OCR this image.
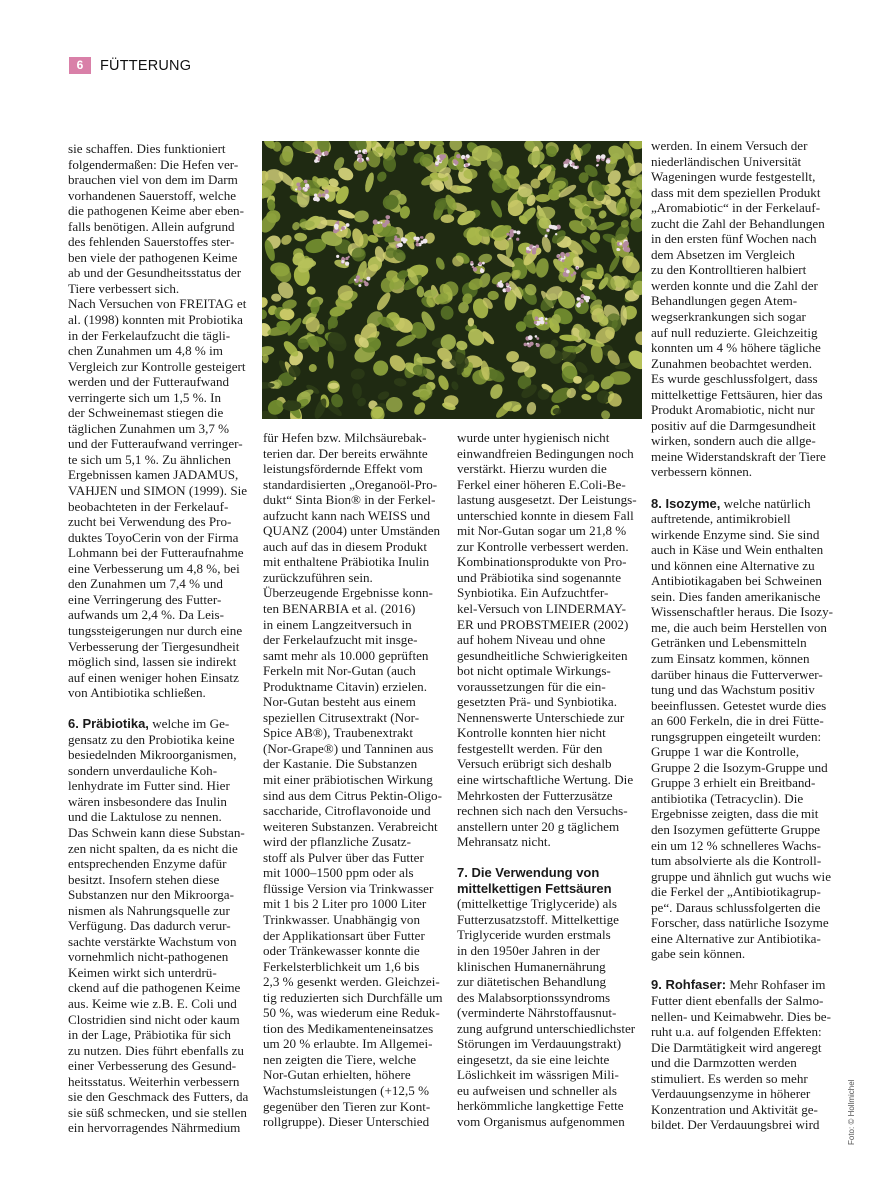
6	FÜTTERUNG

sie schaffen. Dies funktioniert
folgendermaßen: Die Hefen ver-
brauchen viel von dem im Darm
vorhandenen Sauerstoff, welche
die pathogenen Keime aber eben-
falls benötigen. Allein aufgrund
des fehlenden Sauerstoffes ster-
ben viele der pathogenen Keime
ab und der Gesundheitsstatus der
Tiere verbessert sich.

Nach Versuchen von FREITAG et
al. (1998) konnten mit Probiotika
in der Ferkelaufzucht die tägli-
chen Zunahmen um 4,8 % im
Vergleich zur Kontrolle gesteigert
werden und der Futteraufwand
verringerte sich um 1,5 %. In
der Schweinemast stiegen die
täglichen Zunahmen um 3,7 %
und der Futteraufwand verringer-
te sich um 5,1 %. Zu ähnlichen
Ergebnissen kamen JADAMUS,
VAHJEN und SIMON (1999). Sie
beobachteten in der Ferkelauf-
zucht bei Verwendung des Pro-
duktes ToyoCerin von der Firma
Lohmann bei der Futteraufnahme
eine Verbesserung um 4,8 %, bei
den Zunahmen um 7,4 % und
eine Verringerung des Futter-
aufwands um 2,4 %. Da Leis-
tungssteigerungen nur durch eine
Verbesserung der Tiergesundheit
möglich sind, lassen sie indirekt
auf einen weniger hohen Einsatz
von Antibiotika schließen.

6. Präbiotika, welche im Ge-
gensatz zu den Probiotika keine
besiedelnden Mikroorganismen,
sondern unverdauliche Koh-
lenhydrate im Futter sind. Hier
wären insbesondere das Inulin
und die Laktulose zu nennen.
Das Schwein kann diese Substan-
zen nicht spalten, da es nicht die
entsprechenden Enzyme dafür
besitzt. Insofern stehen diese
Substanzen nur den Mikroorga-
nismen als Nahrungsquelle zur
Verfügung. Das dadurch verur-
sachte verstärkte Wachstum von
vornehmlich nicht-pathogenen
Keimen wirkt sich unterdrü-
ckend auf die pathogenen Keime
aus. Keime wie z.B. E. Coli und
Clostridien sind nicht oder kaum
in der Lage, Präbiotika für sich
zu nutzen. Dies führt ebenfalls zu
einer Verbesserung des Gesund-
heitsstatus. Weiterhin verbessern
sie den Geschmack des Futters, da
sie süß schmecken, und sie stellen
ein hervorragendes Nährmedium

für Hefen bzw. Milchsäurebak-
terien dar. Der bereits erwähnte
leistungsfördernde Effekt vom
standardisierten „Oreganoöl-Pro-
dukt“ Sinta Bion® in der Ferkel-
aufzucht kann nach WEISS und
QUANZ (2004) unter Umständen
auch auf das in diesem Produkt
mit enthaltene Präbiotika Inulin
zurückzuführen sein.

Überzeugende Ergebnisse konn-
ten BENARBIA et al. (2016)
in einem Langzeitversuch in
der Ferkelaufzucht mit insge-
samt mehr als 10.000 geprüften
Ferkeln mit Nor-Gutan (auch
Produktname Citavin) erzielen.

Nor-Gutan besteht aus einem
speziellen Citrusextrakt (Nor-
Spice AB®), Traubenextrakt
(Nor-Grape®) und Tanninen aus
der Kastanie. Die Substanzen
mit einer präbiotischen Wirkung
sind aus dem Citrus Pektin-Oligo-
saccharide, Citroflavonoide und
weiteren Substanzen. Verabreicht
wird der pflanzliche Zusatz-
stoff als Pulver über das Futter
mit 1000–1500 ppm oder als
flüssige Version via Trinkwasser
mit 1 bis 2 Liter pro 1000 Liter
Trinkwasser. Unabhängig von
der Applikationsart über Futter
oder Tränkewasser konnte die
Ferkelsterblichkeit um 1,6 bis
2,3 % gesenkt werden. Gleichzei-
tig reduzierten sich Durchfälle um
50 %, was wiederum eine Reduk-
tion des Medikamenteneinsatzes
um 20 % erlaubte. Im Allgemei-
nen zeigten die Tiere, welche
Nor-Gutan erhielten, höhere
Wachstumsleistungen (+12,5 %
gegenüber den Tieren zur Kont-
rollgruppe). Dieser Unterschied

wurde unter hygienisch nicht
einwandfreien Bedingungen noch
verstärkt. Hierzu wurden die
Ferkel einer höheren E.Coli-Be-
lastung ausgesetzt. Der Leistungs-
unterschied konnte in diesem Fall
mit Nor-Gutan sogar um 21,8 %
zur Kontrolle verbessert werden.
Kombinationsprodukte von Pro-
und Präbiotika sind sogenannte
Synbiotika. Ein Aufzuchtfer-
kel-Versuch von LINDERMAY-
ER und PROBSTMEIER (2002)
auf hohem Niveau und ohne
gesundheitliche Schwierigkeiten
bot nicht optimale Wirkungs-
voraussetzungen für die ein-
gesetzten Prä- und Synbiotika.
Nennenswerte Unterschiede zur
Kontrolle konnten hier nicht
festgestellt werden. Für den
Versuch erübrigt sich deshalb
eine wirtschaftliche Wertung. Die
Mehrkosten der Futterzusätze
rechnen sich nach den Versuchs-
anstellern unter 20 g täglichem
Mehransatz nicht.

7. Die Verwendung von
mittelkettigen Fettsäuren
(mittelkettige Triglyceride) als
Futterzusatzstoff. Mittelkettige
Triglyceride wurden erstmals
in den 1950er Jahren in der
klinischen Humanernährung
zur diätetischen Behandlung
des Malabsorptionssyndroms
(verminderte Nährstoffausnut-
zung aufgrund unterschiedlichster
Störungen im Verdauungstrakt)
eingesetzt, da sie eine leichte
Löslichkeit im wässrigen Mili-
eu aufweisen und schneller als
herkömmliche langkettige Fette
vom Organismus aufgenommen

werden. In einem Versuch der
niederländischen Universität
Wageningen wurde festgestellt,
dass mit dem speziellen Produkt
„Aromabiotic“ in der Ferkelauf-
zucht die Zahl der Behandlungen
in den ersten fünf Wochen nach
dem Absetzen im Vergleich
zu den Kontrolltieren halbiert
werden konnte und die Zahl der
Behandlungen gegen Atem-
wegserkrankungen sich sogar
auf null reduzierte. Gleichzeitig
konnten um 4 % höhere tägliche
Zunahmen beobachtet werden.
Es wurde geschlussfolgert, dass
mittelkettige Fettsäuren, hier das
Produkt Aromabiotic, nicht nur
positiv auf die Darmgesundheit
wirken, sondern auch die allge-
meine Widerstandskraft der Tiere
verbessern können.

8. Isozyme, welche natürlich
auftretende, antimikrobiell
wirkende Enzyme sind. Sie sind
auch in Käse und Wein enthalten
und können eine Alternative zu
Antibiotikagaben bei Schweinen
sein. Dies fanden amerikanische
Wissenschaftler heraus. Die Isozy-
me, die auch beim Herstellen von
Getränken und Lebensmitteln
zum Einsatz kommen, können
darüber hinaus die Futterverwer-
tung und das Wachstum positiv
beeinflussen. Getestet wurde dies
an 600 Ferkeln, die in drei Fütte-
rungsgruppen eingeteilt wurden:
Gruppe 1 war die Kontrolle,
Gruppe 2 die Isozym-Gruppe und
Gruppe 3 erhielt ein Breitband-
antibiotika (Tetracyclin). Die
Ergebnisse zeigten, dass die mit
den Isozymen gefütterte Gruppe
ein um 12 % schnelleres Wachs-
tum absolvierte als die Kontroll-
gruppe und ähnlich gut wuchs wie
die Ferkel der „Antibiotikagrup-
pe“. Daraus schlussfolgerten die
Forscher, dass natürliche Isozyme
eine Alternative zur Antibiotika-
gabe sein können.

9. Rohfaser: Mehr Rohfaser im
Futter dient ebenfalls der Salmo-
nellen- und Keimabwehr. Dies be-
ruht u.a. auf folgenden Effekten:
Die Darmtätigkeit wird angeregt
und die Darmzotten werden
stimuliert. Es werden so mehr
Verdauungsenzyme in höherer
Konzentration und Aktivität ge-
bildet. Der Verdauungsbrei wird	Foto: © Hollmichel
